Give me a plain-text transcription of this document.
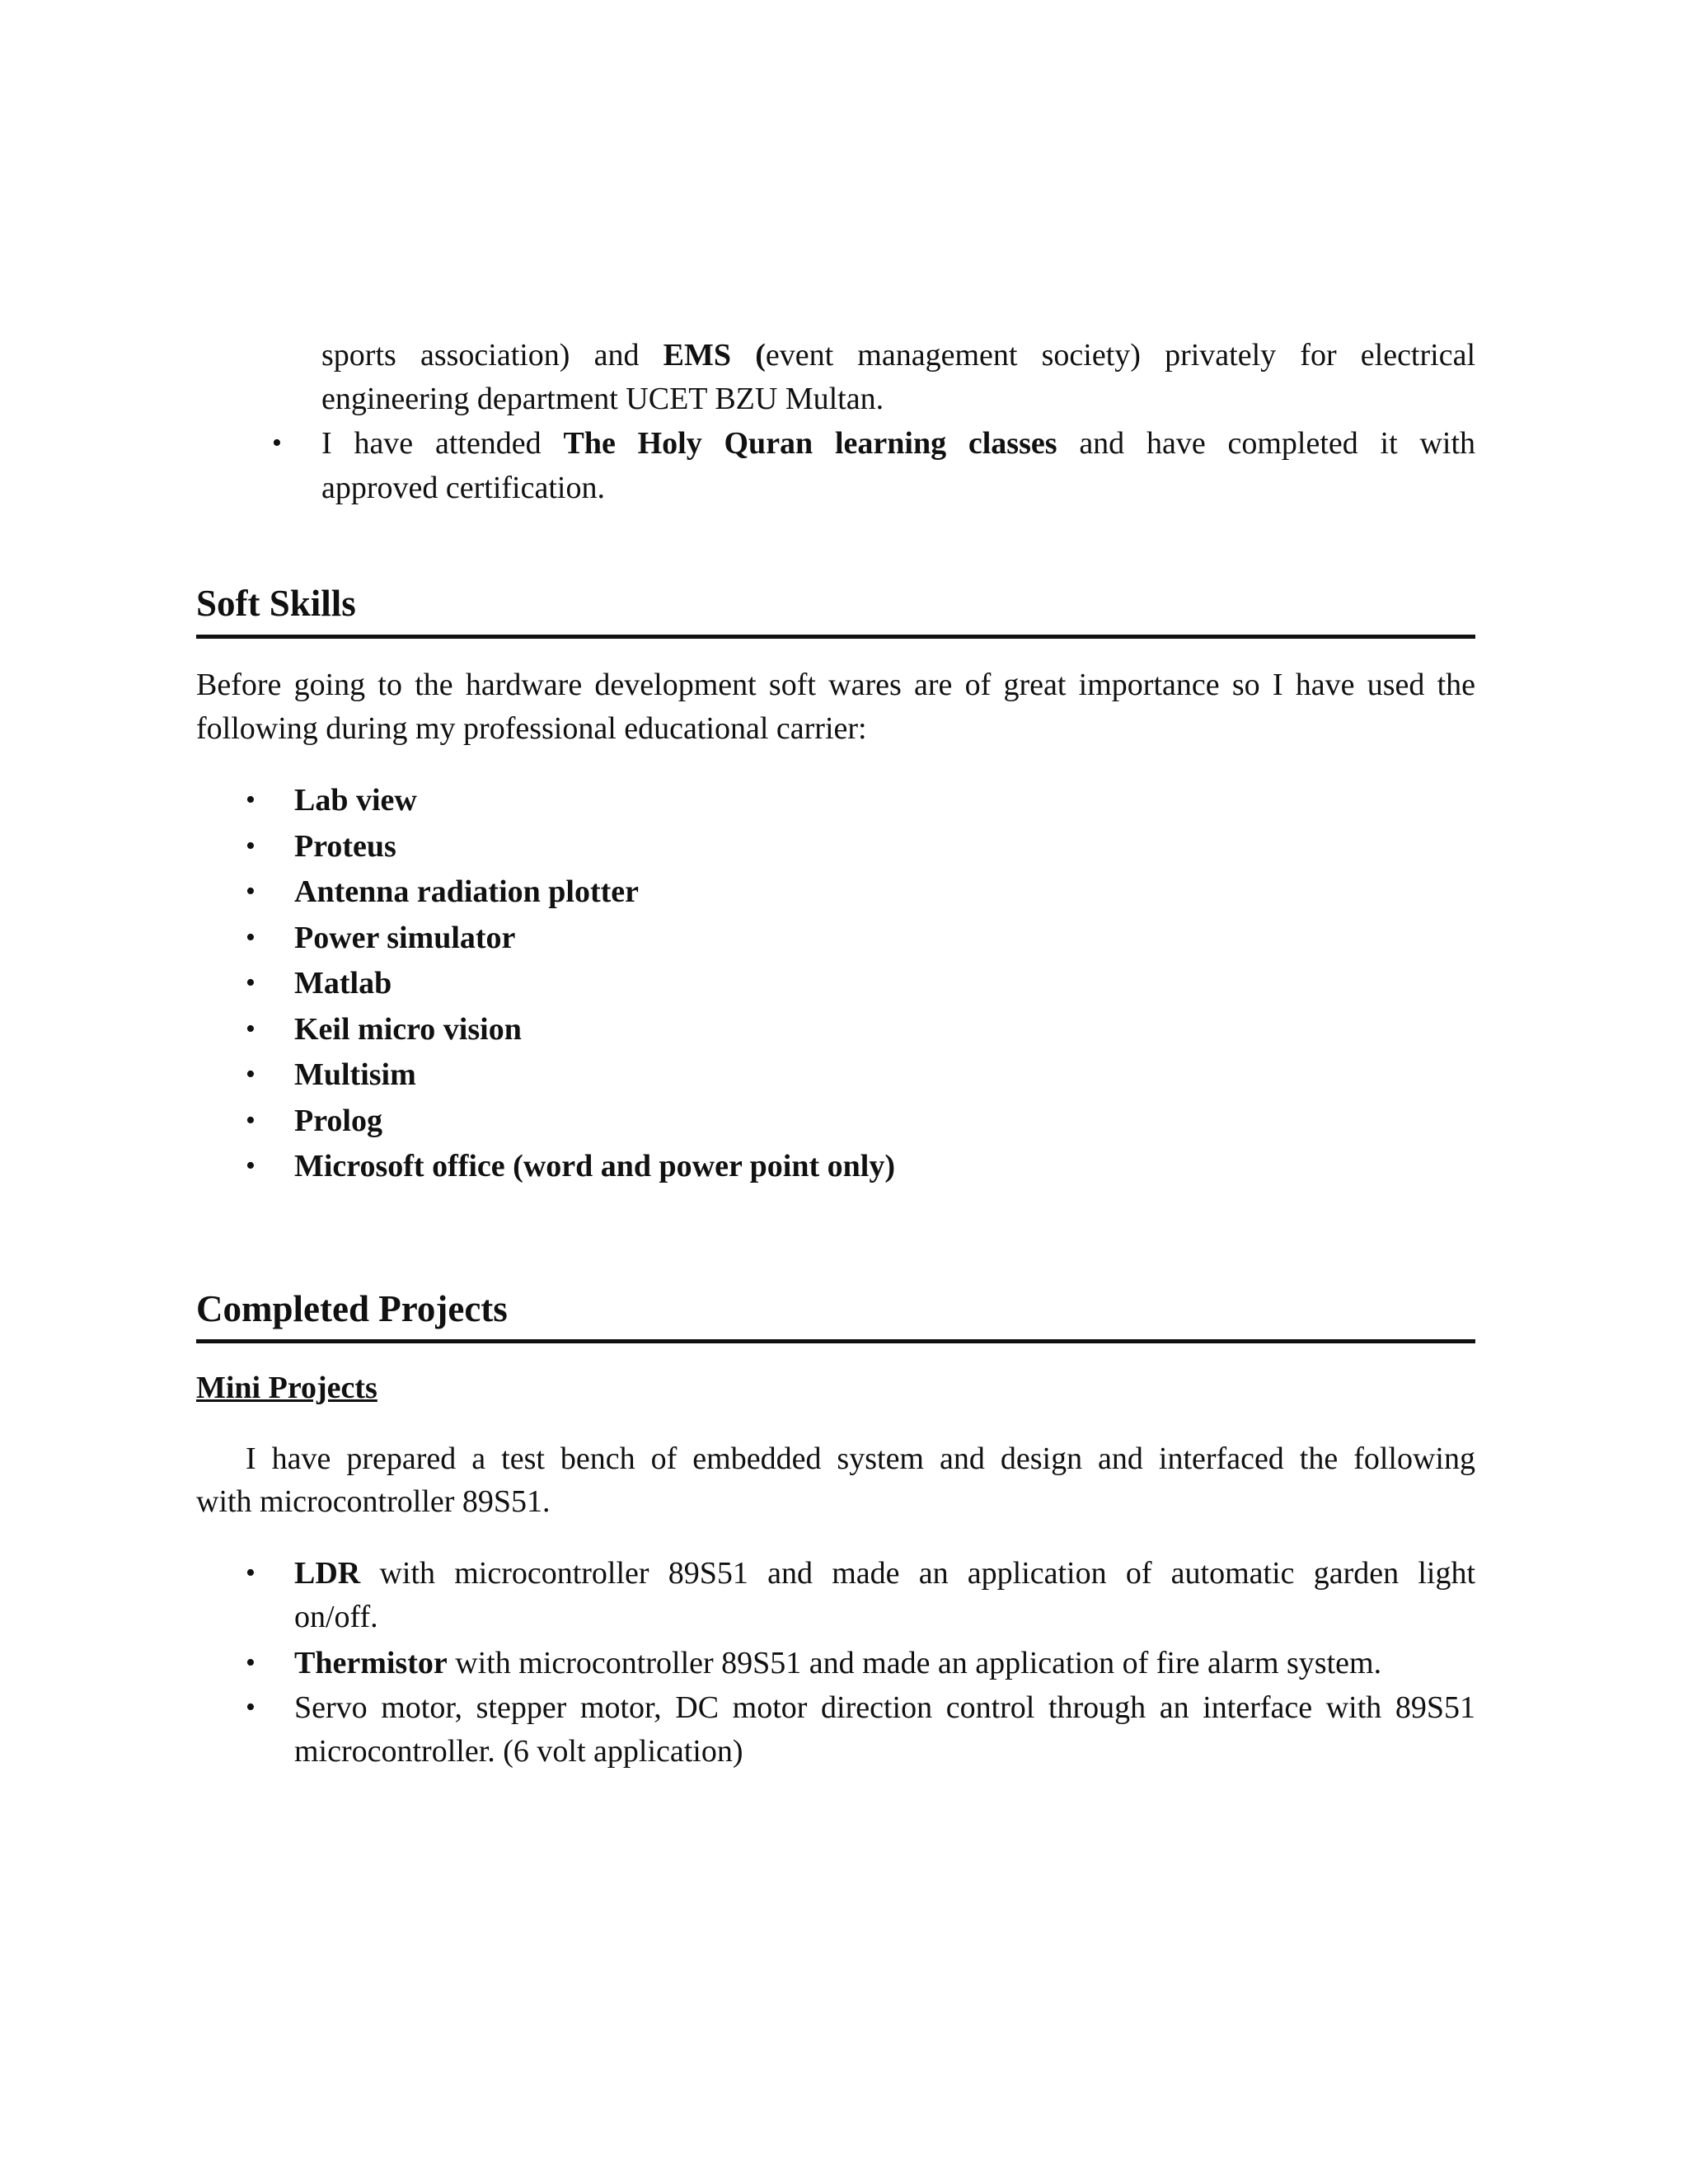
sports association) and EMS (event management society) privately for electrical
engineering department UCET BZU Multan.
• I have attended The Holy Quran learning classes and have completed it with
approved certification.
Soft Skills
Before going to the hardware development soft wares are of great importance so I have used the
following during my professional educational carrier:
• Lab view
• Proteus
• Antenna radiation plotter
• Power simulator
• Matlab
• Keil micro vision
• Multisim
• Prolog
• Microsoft office (word and power point only)
Completed Projects
Mini Projects
I have prepared a test bench of embedded system and design and interfaced the following
with microcontroller 89S51.
• LDR with microcontroller 89S51 and made an application of automatic garden light
on/off.
• Thermistor with microcontroller 89S51 and made an application of fire alarm system.
• Servo motor, stepper motor, DC motor direction control through an interface with 89S51
microcontroller. (6 volt application)
